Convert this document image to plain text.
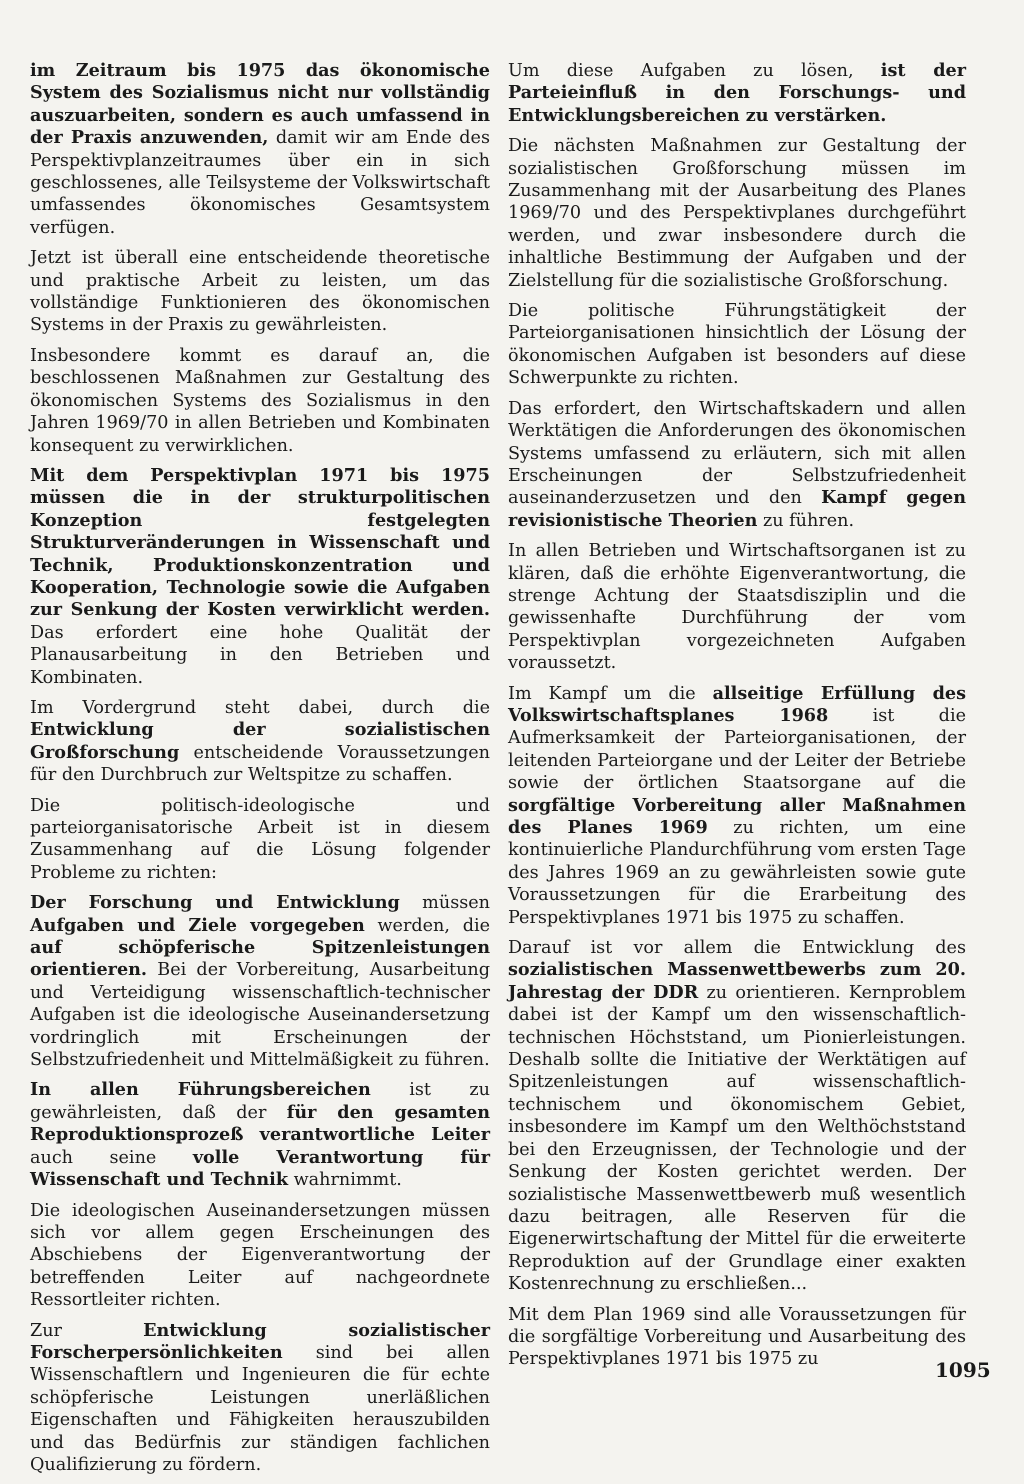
im Zeitraum bis 1975 das ökonomische System des Sozialismus nicht nur vollständig auszuarbeiten, sondern es auch umfassend in der Praxis anzuwenden, damit wir am Ende des Perspektivplanzeitraumes über ein in sich geschlossenes, alle Teilsysteme der Volkswirtschaft umfassendes ökonomisches Gesamtsystem verfügen.

Jetzt ist überall eine entscheidende theoretische und praktische Arbeit zu leisten, um das vollständige Funktionieren des ökonomischen Systems in der Praxis zu gewährleisten.

Insbesondere kommt es darauf an, die beschlossenen Maßnahmen zur Gestaltung des ökonomischen Systems des Sozialismus in den Jahren 1969/70 in allen Betrieben und Kombinaten konsequent zu verwirklichen.

Mit dem Perspektivplan 1971 bis 1975 müssen die in der strukturpolitischen Konzeption festgelegten Strukturveränderungen in Wissenschaft und Technik, Produktionskonzentration und Kooperation, Technologie sowie die Aufgaben zur Senkung der Kosten verwirklicht werden. Das erfordert eine hohe Qualität der Planausarbeitung in den Betrieben und Kombinaten.

Im Vordergrund steht dabei, durch die Entwicklung der sozialistischen Großforschung entscheidende Voraussetzungen für den Durchbruch zur Weltspitze zu schaffen.

Die politisch-ideologische und parteiorganisatorische Arbeit ist in diesem Zusammenhang auf die Lösung folgender Probleme zu richten:

Der Forschung und Entwicklung müssen Aufgaben und Ziele vorgegeben werden, die auf schöpferische Spitzenleistungen orientieren. Bei der Vorbereitung, Ausarbeitung und Verteidigung wissenschaftlich-technischer Aufgaben ist die ideologische Auseinandersetzung vordringlich mit Erscheinungen der Selbstzufriedenheit und Mittelmäßigkeit zu führen.

In allen Führungsbereichen ist zu gewährleisten, daß der für den gesamten Reproduktionsprozeß verantwortliche Leiter auch seine volle Verantwortung für Wissenschaft und Technik wahrnimmt.

Die ideologischen Auseinandersetzungen müssen sich vor allem gegen Erscheinungen des Abschiebens der Eigenverantwortung der betreffenden Leiter auf nachgeordnete Ressortleiter richten.

Zur Entwicklung sozialistischer Forscherpersönlichkeiten sind bei allen Wissenschaftlern und Ingenieuren die für echte schöpferische Leistungen unerläßlichen Eigenschaften und Fähigkeiten herauszubilden und das Bedürfnis zur ständigen fachlichen Qualifizierung zu fördern.

Um diese Aufgaben zu lösen, ist der Parteieinfluß in den Forschungs- und Entwicklungsbereichen zu verstärken.

Die nächsten Maßnahmen zur Gestaltung der sozialistischen Großforschung müssen im Zusammenhang mit der Ausarbeitung des Planes 1969/70 und des Perspektivplanes durchgeführt werden, und zwar insbesondere durch die inhaltliche Bestimmung der Aufgaben und der Zielstellung für die sozialistische Großforschung.

Die politische Führungstätigkeit der Parteiorganisationen hinsichtlich der Lösung der ökonomischen Aufgaben ist besonders auf diese Schwerpunkte zu richten.

Das erfordert, den Wirtschaftskadern und allen Werktätigen die Anforderungen des ökonomischen Systems umfassend zu erläutern, sich mit allen Erscheinungen der Selbstzufriedenheit auseinanderzusetzen und den Kampf gegen revisionistische Theorien zu führen.

In allen Betrieben und Wirtschaftsorganen ist zu klären, daß die erhöhte Eigenverantwortung, die strenge Achtung der Staatsdisziplin und die gewissenhafte Durchführung der vom Perspektivplan vorgezeichneten Aufgaben voraussetzt.

Im Kampf um die allseitige Erfüllung des Volkswirtschaftsplanes 1968 ist die Aufmerksamkeit der Parteiorganisationen, der leitenden Parteiorgane und der Leiter der Betriebe sowie der örtlichen Staatsorgane auf die sorgfältige Vorbereitung aller Maßnahmen des Planes 1969 zu richten, um eine kontinuierliche Plandurchführung vom ersten Tage des Jahres 1969 an zu gewährleisten sowie gute Voraussetzungen für die Erarbeitung des Perspektivplanes 1971 bis 1975 zu schaffen.

Darauf ist vor allem die Entwicklung des sozialistischen Massenwettbewerbs zum 20. Jahrestag der DDR zu orientieren. Kernproblem dabei ist der Kampf um den wissenschaftlich-technischen Höchststand, um Pionierleistungen. Deshalb sollte die Initiative der Werktätigen auf Spitzenleistungen auf wissenschaftlich-technischem und ökonomischem Gebiet, insbesondere im Kampf um den Welthöchststand bei den Erzeugnissen, der Technologie und der Senkung der Kosten gerichtet werden. Der sozialistische Massenwettbewerb muß wesentlich dazu beitragen, alle Reserven für die Eigenerwirtschaftung der Mittel für die erweiterte Reproduktion auf der Grundlage einer exakten Kostenrechnung zu erschließen...

Mit dem Plan 1969 sind alle Voraussetzungen für die sorgfältige Vorbereitung und Ausarbeitung des Perspektivplanes 1971 bis 1975 zu	1095
